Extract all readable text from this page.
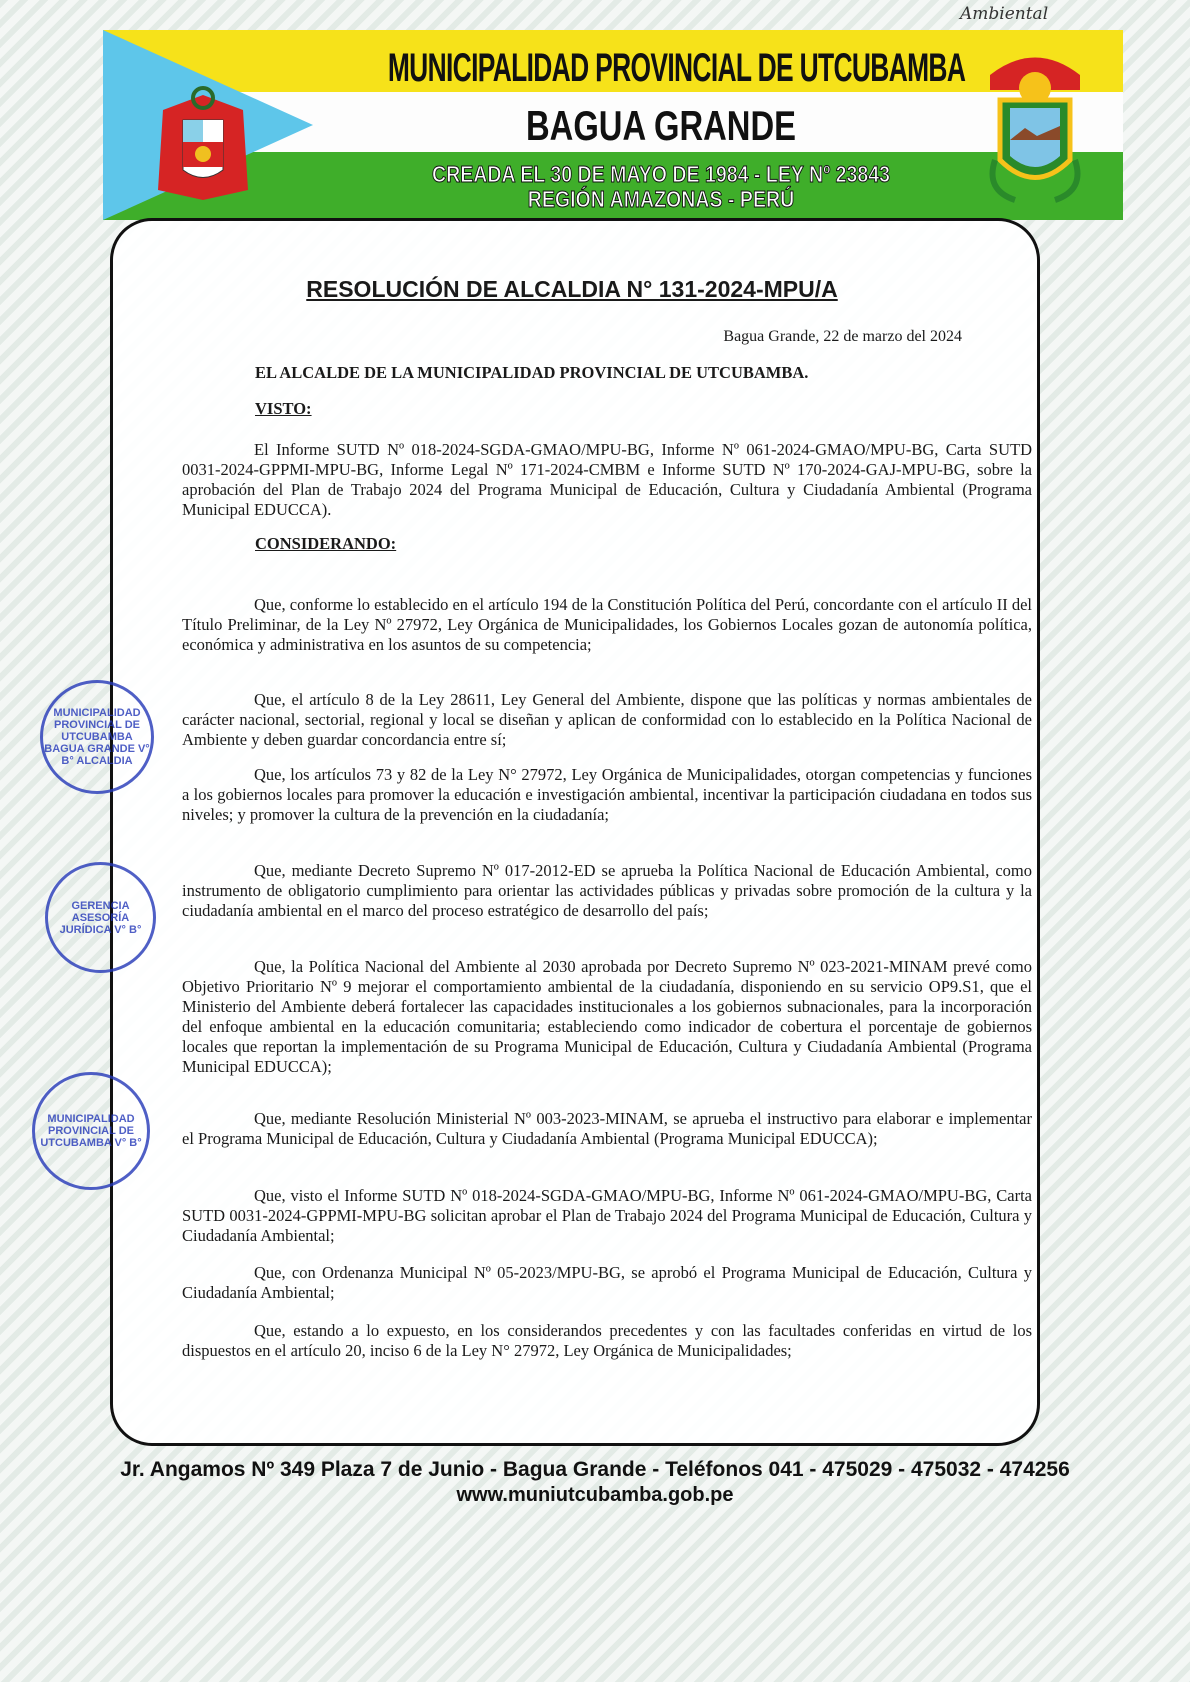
Ambiental
MUNICIPALIDAD PROVINCIAL DE UTCUBAMBA
BAGUA GRANDE
CREADA EL 30 DE MAYO DE 1984 - LEY Nº 23843
REGIÓN AMAZONAS - PERÚ
MUNICIPALIDAD PROVINCIAL DE UTCUBAMBA BAGUA GRANDE V° B° ALCALDIA
GERENCIA ASESORÍA JURÍDICA V° B°
MUNICIPALIDAD PROVINCIAL DE UTCUBAMBA V° B°
RESOLUCIÓN DE ALCALDIA N° 131-2024-MPU/A
Bagua Grande, 22 de marzo del 2024
EL ALCALDE DE LA MUNICIPALIDAD PROVINCIAL DE UTCUBAMBA.
VISTO:
El Informe SUTD Nº 018-2024-SGDA-GMAO/MPU-BG, Informe Nº 061-2024-GMAO/MPU-BG, Carta SUTD 0031-2024-GPPMI-MPU-BG, Informe Legal Nº 171-2024-CMBM e Informe SUTD Nº 170-2024-GAJ-MPU-BG, sobre la aprobación del Plan de Trabajo 2024 del Programa Municipal de Educación, Cultura y Ciudadanía Ambiental (Programa Municipal EDUCCA).
CONSIDERANDO:
Que, conforme lo establecido en el artículo 194 de la Constitución Política del Perú, concordante con el artículo II del Título Preliminar, de la Ley Nº 27972, Ley Orgánica de Municipalidades, los Gobiernos Locales gozan de autonomía política, económica y administrativa en los asuntos de su competencia;
Que, el artículo 8 de la Ley 28611, Ley General del Ambiente, dispone que las políticas y normas ambientales de carácter nacional, sectorial, regional y local se diseñan y aplican de conformidad con lo establecido en la Política Nacional de Ambiente y deben guardar concordancia entre sí;
Que, los artículos 73 y 82 de la Ley N° 27972, Ley Orgánica de Municipalidades, otorgan competencias y funciones a los gobiernos locales para promover la educación e investigación ambiental, incentivar la participación ciudadana en todos sus niveles; y promover la cultura de la prevención en la ciudadanía;
Que, mediante Decreto Supremo Nº 017-2012-ED se aprueba la Política Nacional de Educación Ambiental, como instrumento de obligatorio cumplimiento para orientar las actividades públicas y privadas sobre promoción de la cultura y la ciudadanía ambiental en el marco del proceso estratégico de desarrollo del país;
Que, la Política Nacional del Ambiente al 2030 aprobada por Decreto Supremo Nº 023-2021-MINAM prevé como Objetivo Prioritario Nº 9 mejorar el comportamiento ambiental de la ciudadanía, disponiendo en su servicio OP9.S1, que el Ministerio del Ambiente deberá fortalecer las capacidades institucionales a los gobiernos subnacionales, para la incorporación del enfoque ambiental en la educación comunitaria; estableciendo como indicador de cobertura el porcentaje de gobiernos locales que reportan la implementación de su Programa Municipal de Educación, Cultura y Ciudadanía Ambiental (Programa Municipal EDUCCA);
Que, mediante Resolución Ministerial Nº 003-2023-MINAM, se aprueba el instructivo para elaborar e implementar el Programa Municipal de Educación, Cultura y Ciudadanía Ambiental (Programa Municipal EDUCCA);
Que, visto el Informe SUTD Nº 018-2024-SGDA-GMAO/MPU-BG, Informe Nº 061-2024-GMAO/MPU-BG, Carta SUTD 0031-2024-GPPMI-MPU-BG solicitan aprobar el Plan de Trabajo 2024 del Programa Municipal de Educación, Cultura y Ciudadanía Ambiental;
Que, con Ordenanza Municipal Nº 05-2023/MPU-BG, se aprobó el Programa Municipal de Educación, Cultura y Ciudadanía Ambiental;
Que, estando a lo expuesto, en los considerandos precedentes y con las facultades conferidas en virtud de los dispuestos en el artículo 20, inciso 6 de la Ley N° 27972, Ley Orgánica de Municipalidades;
Jr. Angamos Nº 349 Plaza 7 de Junio - Bagua Grande - Teléfonos 041 - 475029 - 475032 - 474256
www.muniutcubamba.gob.pe
